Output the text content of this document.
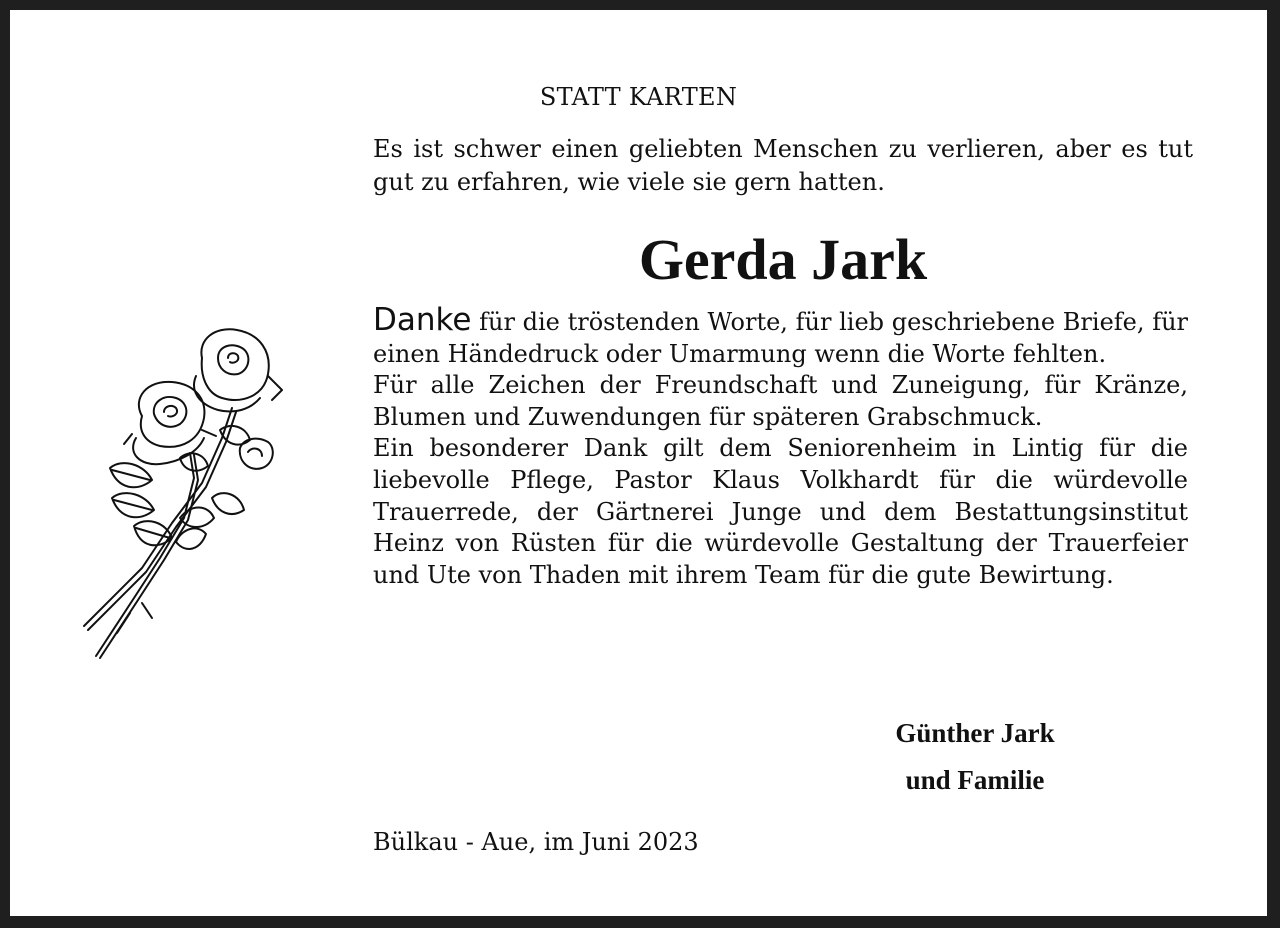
STATT KARTEN
Es ist schwer einen geliebten Menschen zu verlieren, aber es tut gut zu erfahren, wie viele sie gern hatten.
Gerda Jark

Danke für die tröstenden Worte, für lieb geschriebene Briefe, für einen Händedruck oder Umarmung wenn die Worte fehlten.

Für alle Zeichen der Freundschaft und Zuneigung, für Kränze, Blumen und Zuwendungen für späteren Grabschmuck.

Ein besonderer Dank gilt dem Seniorenheim in Lintig für die liebevolle Pflege, Pastor Klaus Volkhardt für die würdevolle Trauerrede, der Gärtnerei Junge und dem Bestattungsinstitut Heinz von Rüsten für die würdevolle Gestaltung der Trauerfeier und Ute von Thaden mit ihrem Team für die gute Bewirtung.

Günther Jark
und Familie
Bülkau - Aue, im Juni 2023
